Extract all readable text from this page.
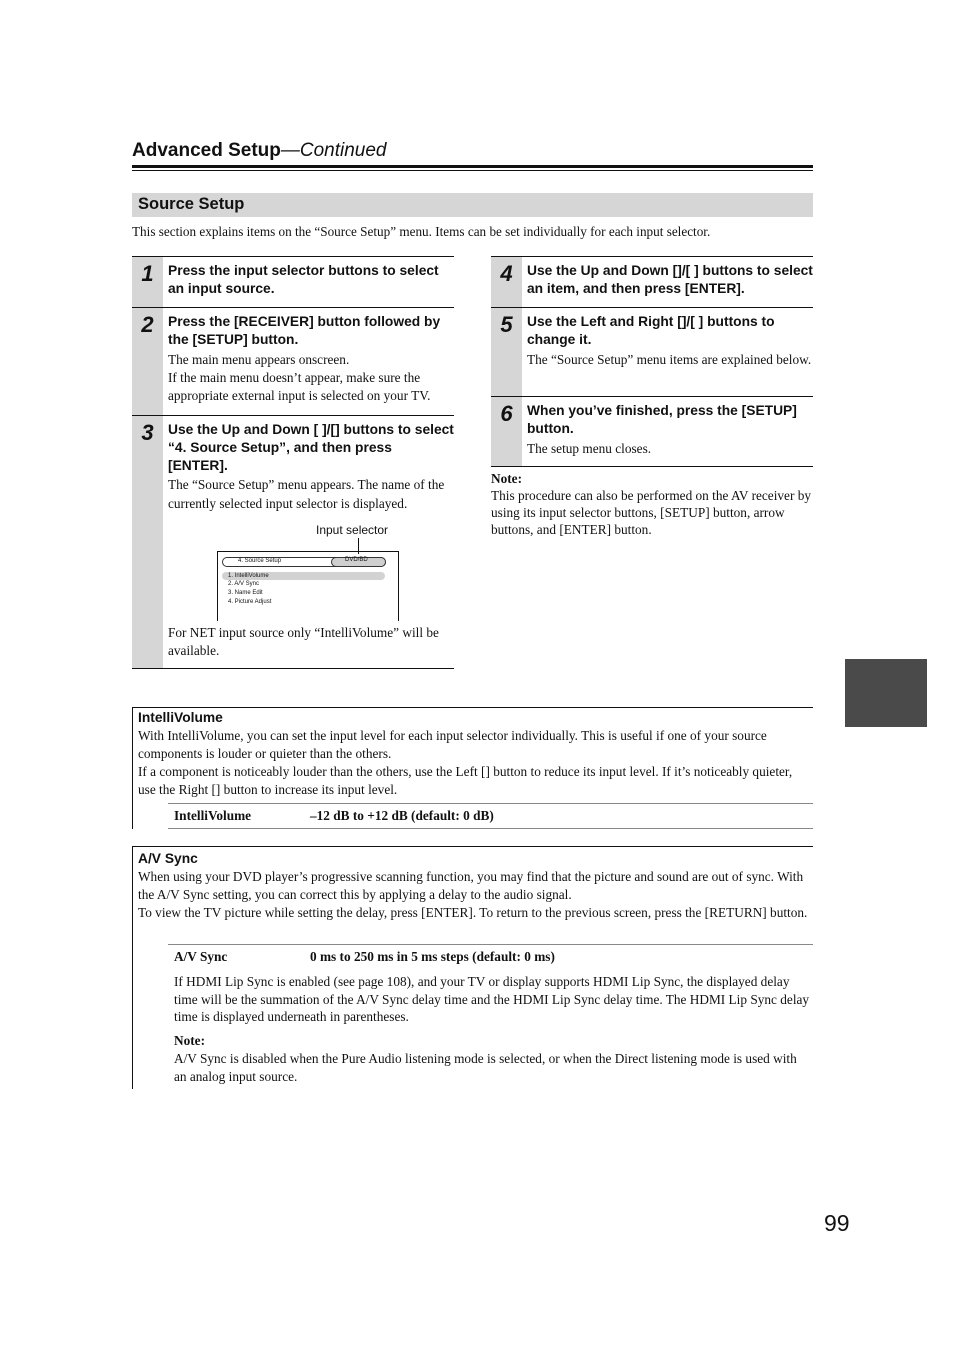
Advanced Setup—Continued
Source Setup
This section explains items on the “Source Setup” menu. Items can be set individually for each input selector.
1	Press the input selector buttons to select an input source.
2	Press the [RECEIVER] button followed by the [SETUP] button.
The main menu appears onscreen.
If the main menu doesn’t appear, make sure the appropriate external input is selected on your TV.
3	Use the Up and Down [ ]/[] buttons to select “4. Source Setup”, and then press [ENTER].
The “Source Setup” menu appears. The name of the currently selected input selector is displayed.
Input selector
4. Source Setup	DVD/BD
1. IntelliVolume
2. A/V Sync
3. Name Edit
4. Picture Adjust
For NET input source only “IntelliVolume” will be available.
4	Use the Up and Down []/[ ] buttons to select an item, and then press [ENTER].
5	Use the Left and Right []/[ ] buttons to change it.
The “Source Setup” menu items are explained below.
6	When you’ve finished, press the [SETUP] button.
The setup menu closes.
Note:
This procedure can also be performed on the AV receiver by using its input selector buttons, [SETUP] button, arrow buttons, and [ENTER] button.
IntelliVolume
With IntelliVolume, you can set the input level for each input selector individually. This is useful if one of your source components is louder or quieter than the others.
If a component is noticeably louder than the others, use the Left [] button to reduce its input level. If it’s noticeably quieter, use the Right [] button to increase its input level.
IntelliVolume	–12 dB to +12 dB (default: 0 dB)
A/V Sync
When using your DVD player’s progressive scanning function, you may find that the picture and sound are out of sync. With the A/V Sync setting, you can correct this by applying a delay to the audio signal.
To view the TV picture while setting the delay, press [ENTER]. To return to the previous screen, press the [RETURN] button.
A/V Sync	0 ms to 250 ms in 5 ms steps (default: 0 ms)
If HDMI Lip Sync is enabled (see page 108), and your TV or display supports HDMI Lip Sync, the displayed delay time will be the summation of the A/V Sync delay time and the HDMI Lip Sync delay time. The HDMI Lip Sync delay time is displayed underneath in parentheses.
Note:
A/V Sync is disabled when the Pure Audio listening mode is selected, or when the Direct listening mode is used with an analog input source.
99
